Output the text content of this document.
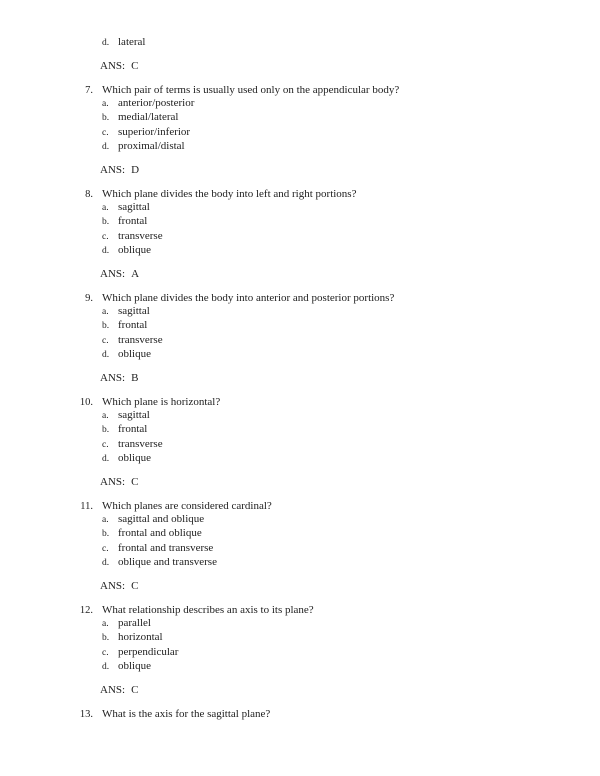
d. lateral
ANS: C
7. Which pair of terms is usually used only on the appendicular body?
a. anterior/posterior
b. medial/lateral
c. superior/inferior
d. proximal/distal
ANS: D
8. Which plane divides the body into left and right portions?
a. sagittal
b. frontal
c. transverse
d. oblique
ANS: A
9. Which plane divides the body into anterior and posterior portions?
a. sagittal
b. frontal
c. transverse
d. oblique
ANS: B
10. Which plane is horizontal?
a. sagittal
b. frontal
c. transverse
d. oblique
ANS: C
11. Which planes are considered cardinal?
a. sagittal and oblique
b. frontal and oblique
c. frontal and transverse
d. oblique and transverse
ANS: C
12. What relationship describes an axis to its plane?
a. parallel
b. horizontal
c. perpendicular
d. oblique
ANS: C
13. What is the axis for the sagittal plane?
